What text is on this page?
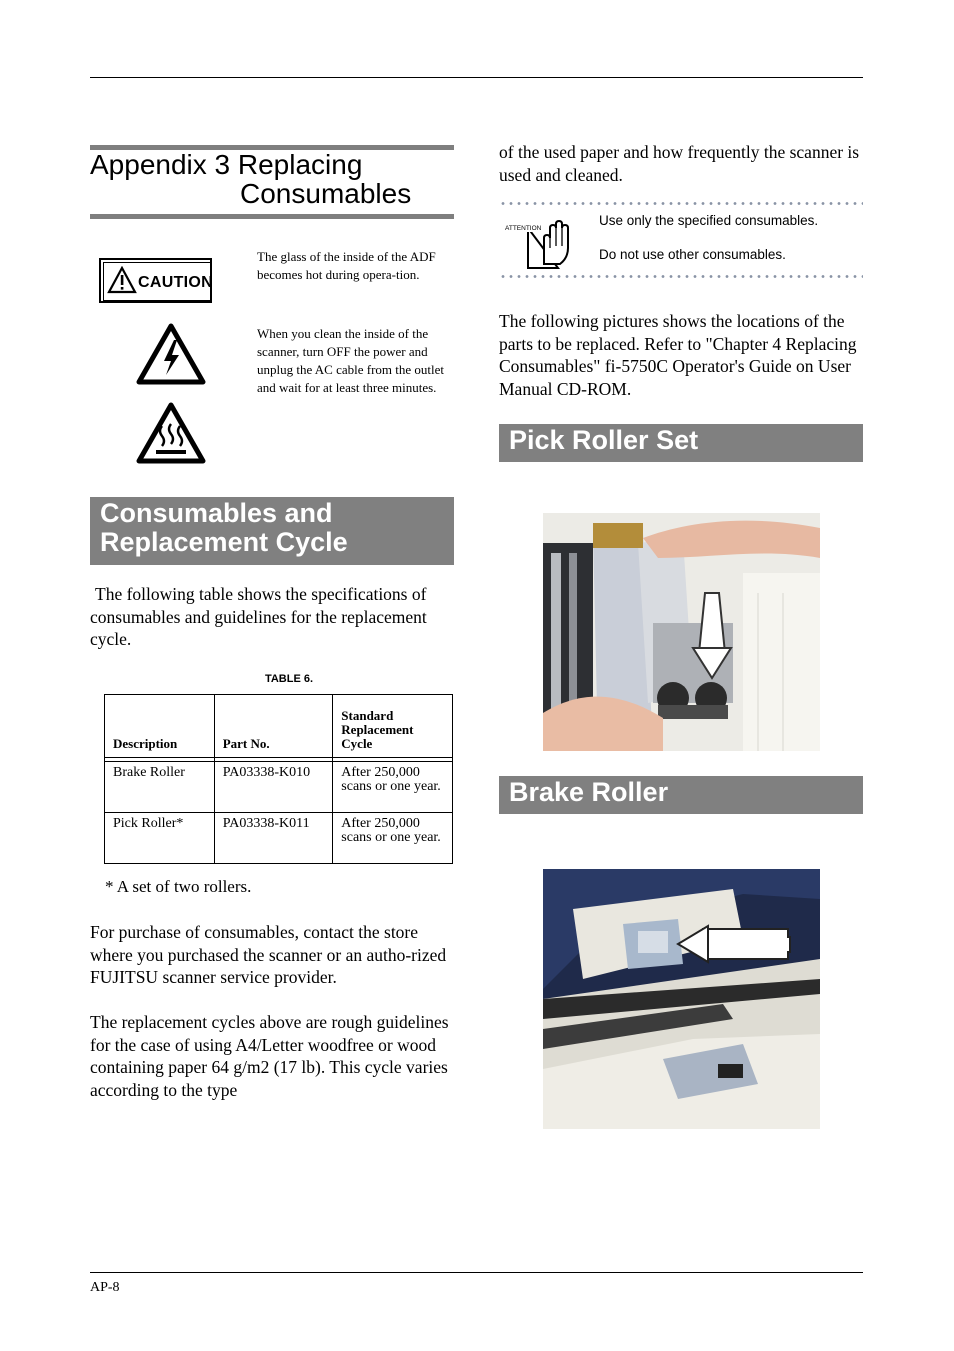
Appendix 3 Replacing
Consumables
CAUTION
The glass of the inside of the ADF becomes hot during opera-tion.
When you clean the inside of the scanner, turn OFF the power and unplug the AC cable from the outlet and wait for at least three minutes.
Consumables and
Replacement Cycle
The following table shows the specifications of consumables and guidelines for the replacement cycle.
TABLE 6.
Description	Part No.	Standard Replacement Cycle

Brake Roller	PA03338-K010	After 250,000 scans or one year.
Pick Roller*	PA03338-K011	After 250,000 scans or one year.
* A set of two rollers.
For purchase of consumables, contact the store where you purchased the scanner or an autho-rized FUJITSU scanner service provider.
The replacement cycles above are rough guidelines for the case of using A4/Letter woodfree or wood containing paper 64 g/m2 (17 lb). This cycle varies according to the type
of the used paper and how frequently the scanner is used and cleaned.
ATTENTION
Use only the specified consumables.
Do not use other consumables.
The following pictures shows the locations of the parts to be replaced. Refer to "Chapter 4 Replacing Consumables" fi-5750C Operator's Guide on User Manual CD-ROM.
Pick Roller Set
Brake Roller
AP-8
